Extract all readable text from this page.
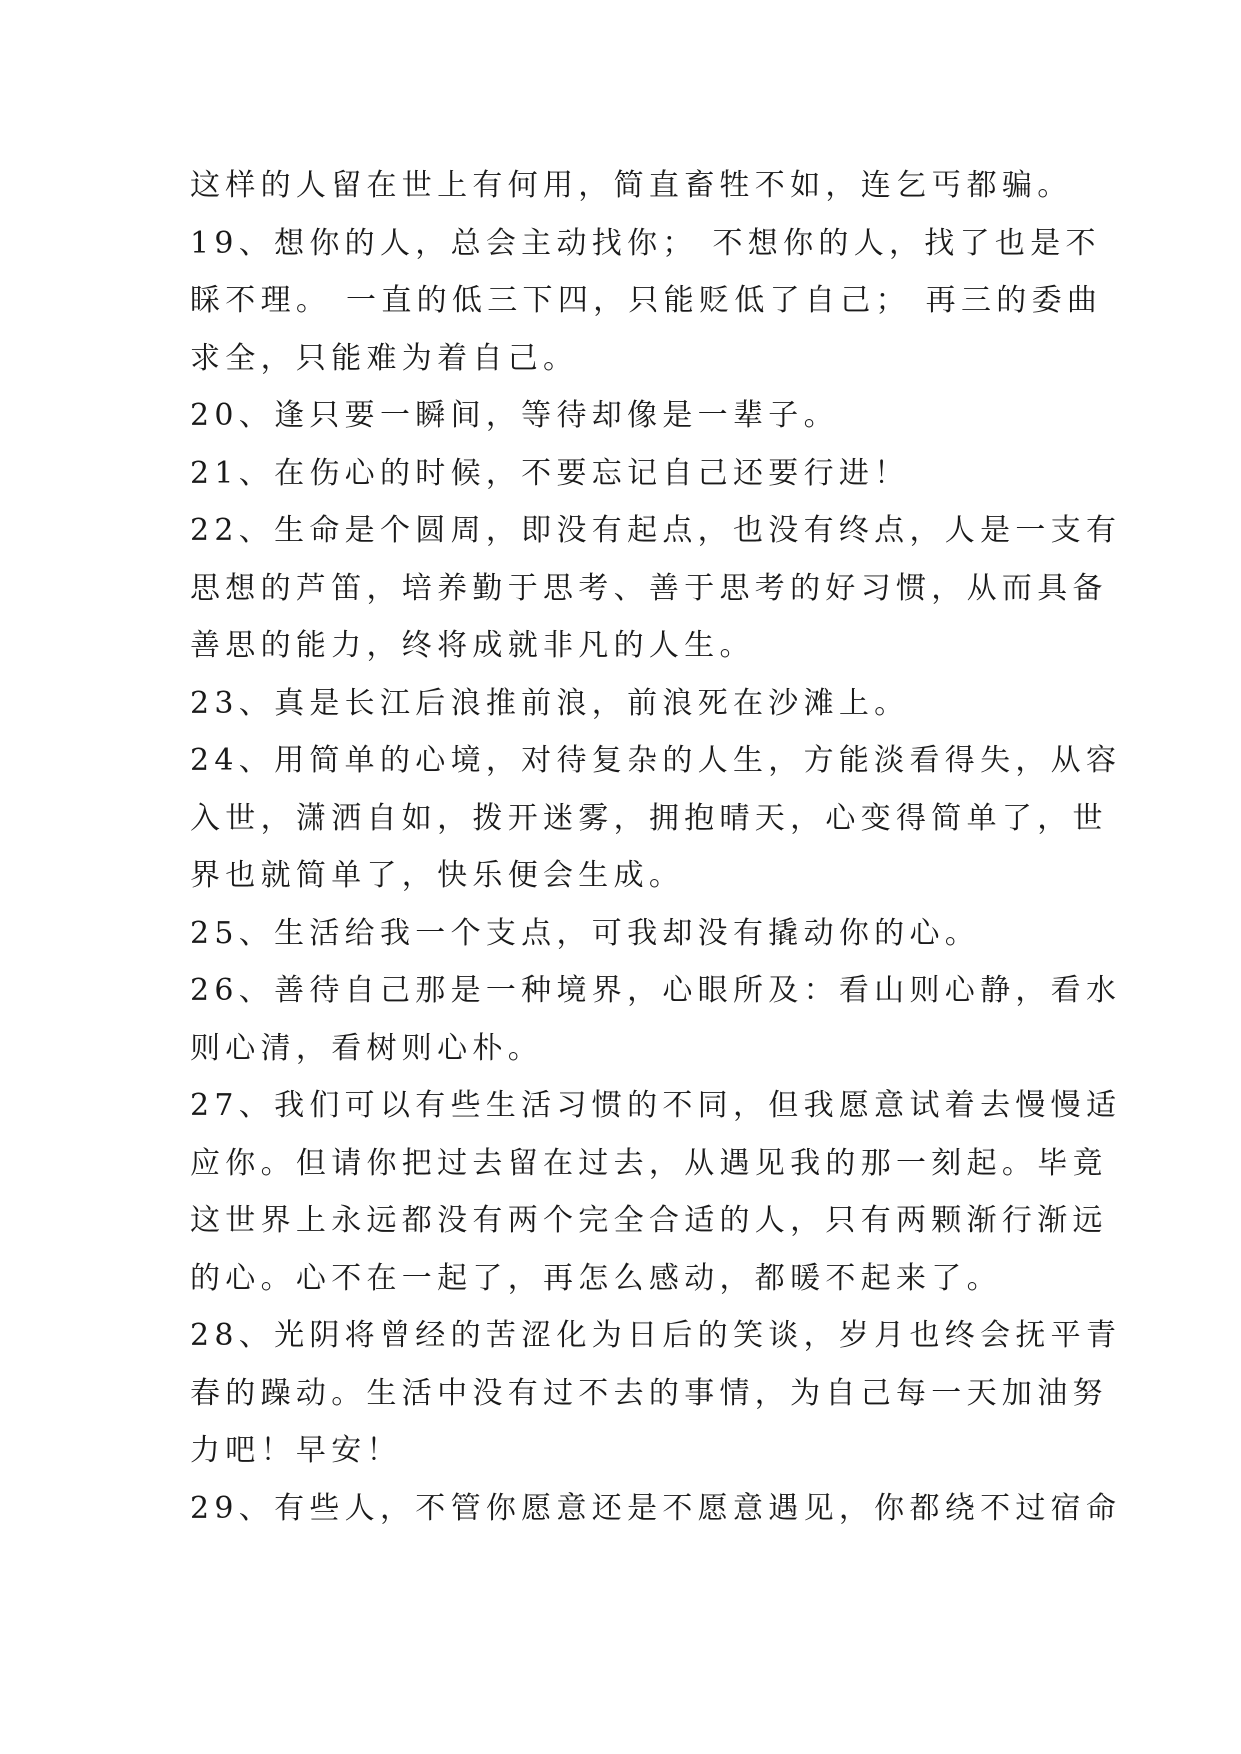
这样的人留在世上有何用，简直畜牲不如，连乞丐都骗。
19、想你的人，总会主动找你； 不想你的人，找了也是不
睬不理。 一直的低三下四，只能贬低了自己； 再三的委曲
求全，只能难为着自己。
20、逢只要一瞬间，等待却像是一辈子。
21、在伤心的时候，不要忘记自己还要行进！
22、生命是个圆周，即没有起点，也没有终点，人是一支有
思想的芦笛，培养勤于思考、善于思考的好习惯，从而具备
善思的能力，终将成就非凡的人生。
23、真是长江后浪推前浪，前浪死在沙滩上。
24、用简单的心境，对待复杂的人生，方能淡看得失，从容
入世，潇洒自如，拨开迷雾，拥抱晴天，心变得简单了，世
界也就简单了，快乐便会生成。
25、生活给我一个支点，可我却没有撬动你的心。
26、善待自己那是一种境界，心眼所及：看山则心静，看水
则心清，看树则心朴。
27、我们可以有些生活习惯的不同，但我愿意试着去慢慢适
应你。但请你把过去留在过去，从遇见我的那一刻起。毕竟
这世界上永远都没有两个完全合适的人，只有两颗渐行渐远
的心。心不在一起了，再怎么感动，都暖不起来了。
28、光阴将曾经的苦涩化为日后的笑谈，岁月也终会抚平青
春的躁动。生活中没有过不去的事情，为自己每一天加油努
力吧！早安！
29、有些人，不管你愿意还是不愿意遇见，你都绕不过宿命
